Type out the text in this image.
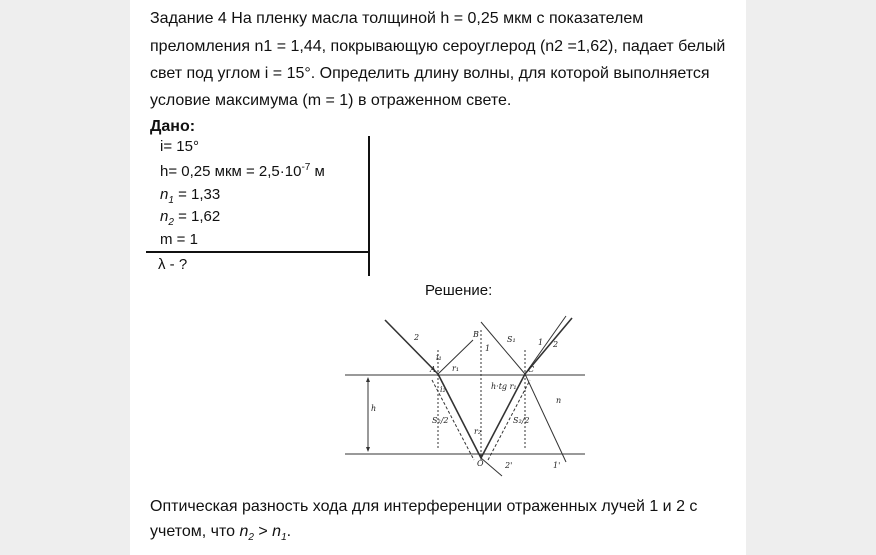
Задание 4 На пленку масла толщиной h = 0,25 мкм с показателем
преломления n1 = 1,44, покрывающую сероуглерод (n2 =1,62), падает белый
свет под углом i = 15°. Определить длину волны, для которой выполняется
условие максимума (m = 1) в отраженном свете.
Дано:
i= 15°
h= 0,25 мкм = $2,5\cdot 10^{-7}$ м
$n_1 = 1,33$
$n_2 = 1,62$
m = 1
λ - ?
Решение:
A
B
C
O
2
1 2
1
1'
2'
S₁
h
n
i₁
r₁
i₂
r₂
S₂/2	S₂/2
h·tg r₁
Оптическая разность хода для интерференции отраженных лучей 1 и 2 с
учетом, что $n_2 > n_1$.
